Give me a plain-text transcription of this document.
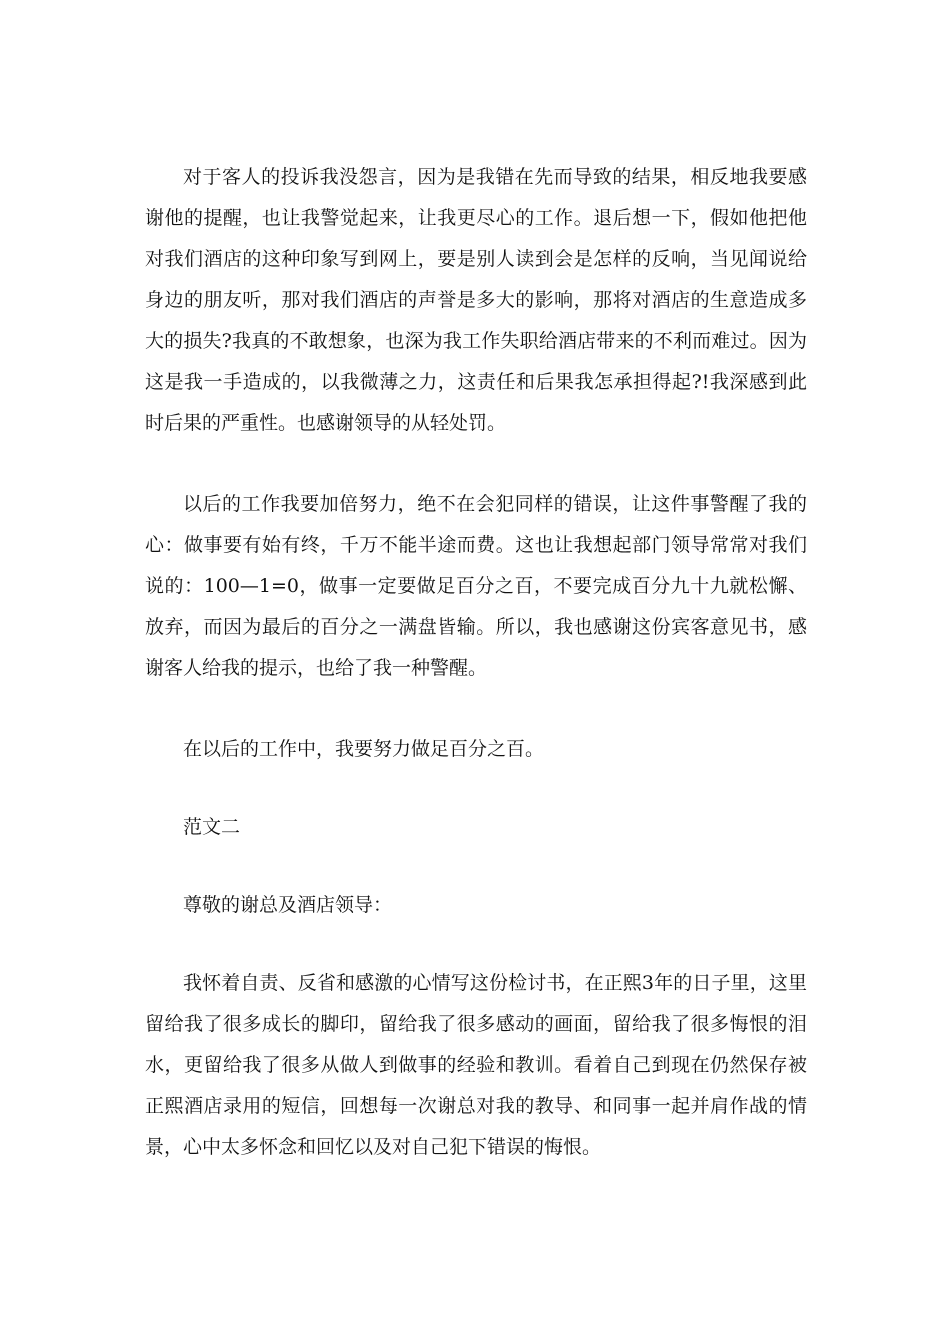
对于客人的投诉我没怨言，因为是我错在先而导致的结果，相反地我要感谢他的提醒，也让我警觉起来，让我更尽心的工作。退后想一下，假如他把他对我们酒店的这种印象写到网上，要是别人读到会是怎样的反响，当见闻说给身边的朋友听，那对我们酒店的声誉是多大的影响，那将对酒店的生意造成多大的损失?我真的不敢想象，也深为我工作失职给酒店带来的不利而难过。因为这是我一手造成的，以我微薄之力，这责任和后果我怎承担得起?!我深感到此时后果的严重性。也感谢领导的从轻处罚。

以后的工作我要加倍努力，绝不在会犯同样的错误，让这件事警醒了我的心：做事要有始有终，千万不能半途而费。这也让我想起部门领导常常对我们说的：100—1=0，做事一定要做足百分之百，不要完成百分九十九就松懈、放弃，而因为最后的百分之一满盘皆输。所以，我也感谢这份宾客意见书，感谢客人给我的提示，也给了我一种警醒。

在以后的工作中，我要努力做足百分之百。

范文二

尊敬的谢总及酒店领导：

我怀着自责、反省和感激的心情写这份检讨书，在正熙3年的日子里，这里留给我了很多成长的脚印，留给我了很多感动的画面，留给我了很多悔恨的泪水，更留给我了很多从做人到做事的经验和教训。看着自己到现在仍然保存被正熙酒店录用的短信，回想每一次谢总对我的教导、和同事一起并肩作战的情景，心中太多怀念和回忆以及对自己犯下错误的悔恨。
